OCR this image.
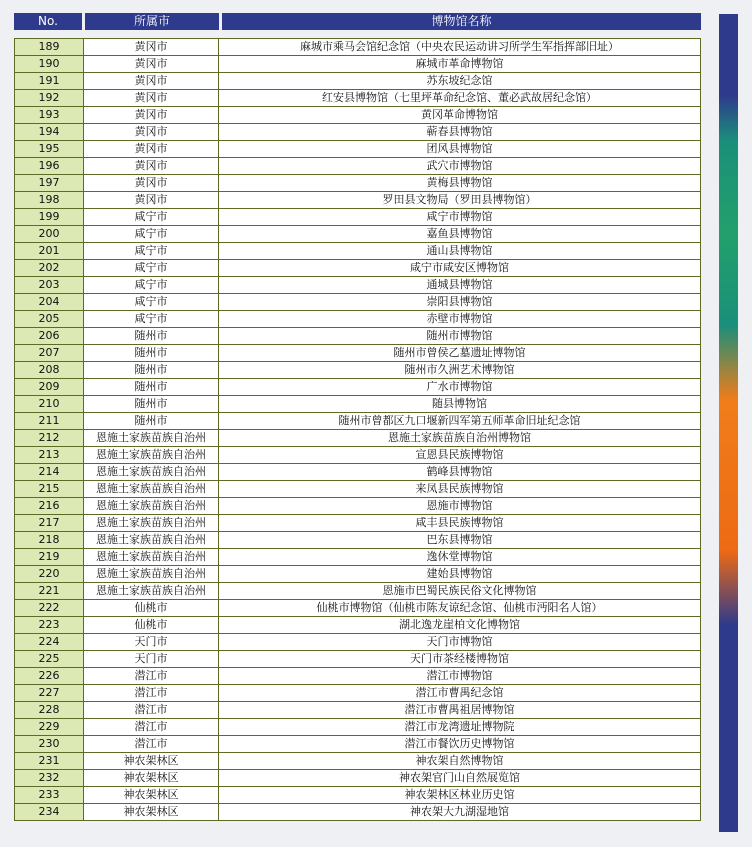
No.	所属市	博物馆名称
189	黄冈市	麻城市乘马会馆纪念馆（中央农民运动讲习所学生军指挥部旧址）
190	黄冈市	麻城市革命博物馆
191	黄冈市	苏东坡纪念馆
192	黄冈市	红安县博物馆（七里坪革命纪念馆、董必武故居纪念馆）
193	黄冈市	黄冈革命博物馆
194	黄冈市	蕲春县博物馆
195	黄冈市	团风县博物馆
196	黄冈市	武穴市博物馆
197	黄冈市	黄梅县博物馆
198	黄冈市	罗田县文物局（罗田县博物馆）
199	咸宁市	咸宁市博物馆
200	咸宁市	嘉鱼县博物馆
201	咸宁市	通山县博物馆
202	咸宁市	咸宁市咸安区博物馆
203	咸宁市	通城县博物馆
204	咸宁市	崇阳县博物馆
205	咸宁市	赤壁市博物馆
206	随州市	随州市博物馆
207	随州市	随州市曾侯乙墓遗址博物馆
208	随州市	随州市久洲艺术博物馆
209	随州市	广水市博物馆
210	随州市	随县博物馆
211	随州市	随州市曾都区九口堰新四军第五师革命旧址纪念馆
212	恩施土家族苗族自治州	恩施土家族苗族自治州博物馆
213	恩施土家族苗族自治州	宣恩县民族博物馆
214	恩施土家族苗族自治州	鹤峰县博物馆
215	恩施土家族苗族自治州	来凤县民族博物馆
216	恩施土家族苗族自治州	恩施市博物馆
217	恩施土家族苗族自治州	咸丰县民族博物馆
218	恩施土家族苗族自治州	巴东县博物馆
219	恩施土家族苗族自治州	逸休堂博物馆
220	恩施土家族苗族自治州	建始县博物馆
221	恩施土家族苗族自治州	恩施市巴蜀民族民俗文化博物馆
222	仙桃市	仙桃市博物馆（仙桃市陈友谅纪念馆、仙桃市沔阳名人馆）
223	仙桃市	湖北逸龙崖柏文化博物馆
224	天门市	天门市博物馆
225	天门市	天门市茶经楼博物馆
226	潜江市	潜江市博物馆
227	潜江市	潜江市曹禺纪念馆
228	潜江市	潜江市曹禺祖居博物馆
229	潜江市	潜江市龙湾遗址博物院
230	潜江市	潜江市餐饮历史博物馆
231	神农架林区	神农架自然博物馆
232	神农架林区	神农架官门山自然展览馆
233	神农架林区	神农架林区林业历史馆
234	神农架林区	神农架大九湖湿地馆
